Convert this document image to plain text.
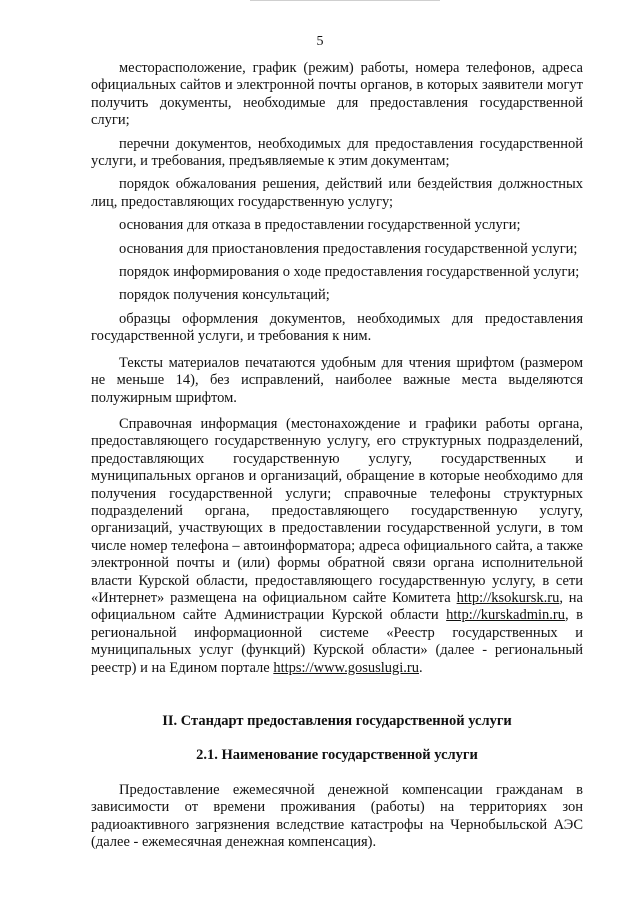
5

месторасположение, график (режим) работы, номера телефонов, адреса официальных сайтов и электронной почты органов, в которых заявители могут получить документы, необходимые для предоставления государственной слуги;

перечни документов, необходимых для предоставления государственной услуги, и требования, предъявляемые к этим документам;

порядок обжалования решения, действий или бездействия должностных лиц, предоставляющих государственную услугу;

основания для отказа в предоставлении государственной услуги;

основания для приостановления предоставления государственной услуги;

порядок информирования о ходе предоставления государственной услуги;

порядок получения консультаций;

образцы оформления документов, необходимых для предоставления государственной услуги, и требования к ним.

Тексты материалов печатаются удобным для чтения шрифтом (размером не меньше 14), без исправлений, наиболее важные места выделяются полужирным шрифтом.

Справочная информация (местонахождение и графики работы органа, предоставляющего государственную услугу, его структурных подразделений, предоставляющих государственную услугу, государственных и муниципальных органов и организаций, обращение в которые необходимо для получения государственной услуги; справочные телефоны структурных подразделений органа, предоставляющего государственную услугу, организаций, участвующих в предоставлении государственной услуги, в том числе номер телефона – автоинформатора; адреса официального сайта, а также электронной почты и (или) формы обратной связи органа исполнительной власти Курской области, предоставляющего государственную услугу, в сети «Интернет» размещена на официальном сайте Комитета http://ksokursk.ru, на официальном сайте Администрации Курской области http://kurskadmin.ru, в региональной информационной системе «Реестр государственных и муниципальных услуг (функций) Курской области» (далее - региональный реестр) и на Едином портале https://www.gosuslugi.ru.

II. Стандарт предоставления государственной услуги

2.1. Наименование государственной услуги

Предоставление ежемесячной денежной компенсации гражданам в зависимости от времени проживания (работы) на территориях зон радиоактивного загрязнения вследствие катастрофы на Чернобыльской АЭС (далее - ежемесячная денежная компенсация).
